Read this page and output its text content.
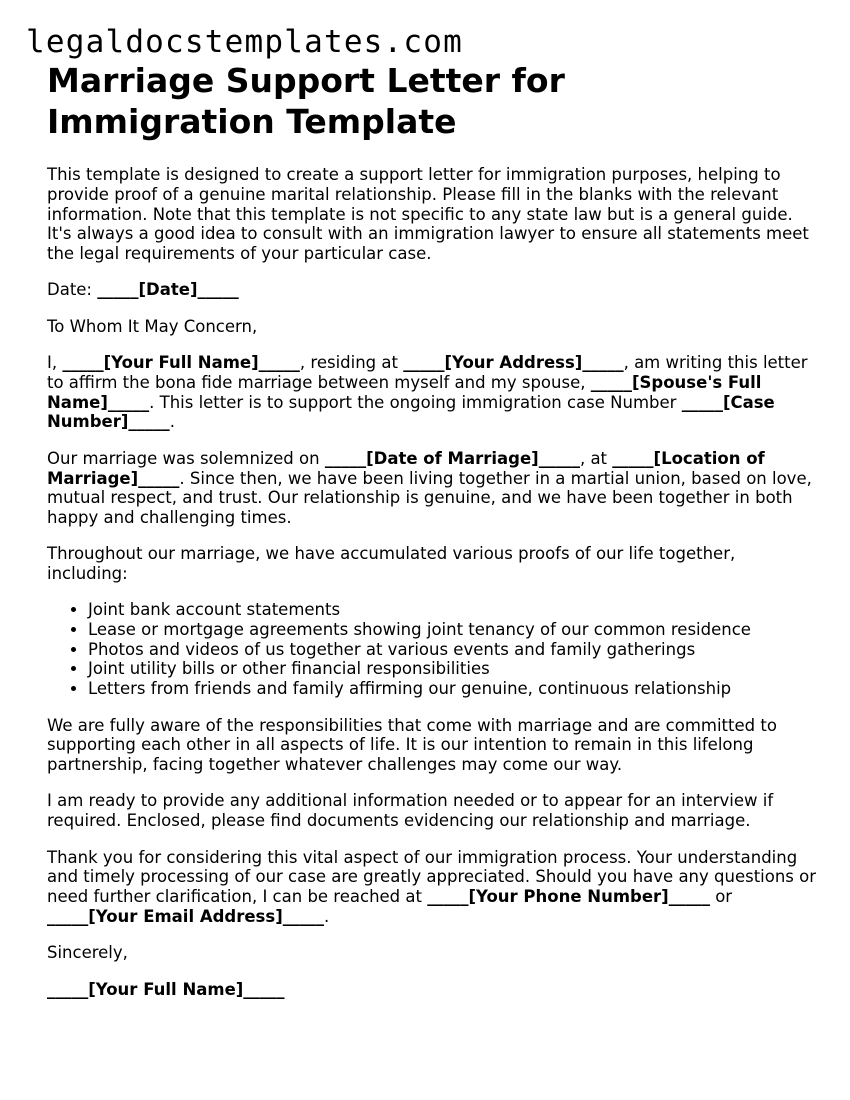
legaldocstemplates.com
Marriage Support Letter for
Immigration Template

This template is designed to create a support letter for immigration purposes, helping to provide proof of a genuine marital relationship. Please fill in the blanks with the relevant information. Note that this template is not specific to any state law but is a general guide. It's always a good idea to consult with an immigration lawyer to ensure all statements meet the legal requirements of your particular case.

Date: _____[Date]_____

To Whom It May Concern,

I, _____[Your Full Name]_____, residing at _____[Your Address]_____, am writing this letter to affirm the bona fide marriage between myself and my spouse, _____[Spouse's Full Name]_____. This letter is to support the ongoing immigration case Number _____[Case Number]_____.

Our marriage was solemnized on _____[Date of Marriage]_____, at _____[Location of Marriage]_____. Since then, we have been living together in a martial union, based on love, mutual respect, and trust. Our relationship is genuine, and we have been together in both happy and challenging times.

Throughout our marriage, we have accumulated various proofs of our life together, including:

• Joint bank account statements
• Lease or mortgage agreements showing joint tenancy of our common residence
• Photos and videos of us together at various events and family gatherings
• Joint utility bills or other financial responsibilities
• Letters from friends and family affirming our genuine, continuous relationship

We are fully aware of the responsibilities that come with marriage and are committed to supporting each other in all aspects of life. It is our intention to remain in this lifelong partnership, facing together whatever challenges may come our way.

I am ready to provide any additional information needed or to appear for an interview if required. Enclosed, please find documents evidencing our relationship and marriage.

Thank you for considering this vital aspect of our immigration process. Your understanding and timely processing of our case are greatly appreciated. Should you have any questions or need further clarification, I can be reached at _____[Your Phone Number]_____ or _____[Your Email Address]_____.

Sincerely,

_____[Your Full Name]_____
